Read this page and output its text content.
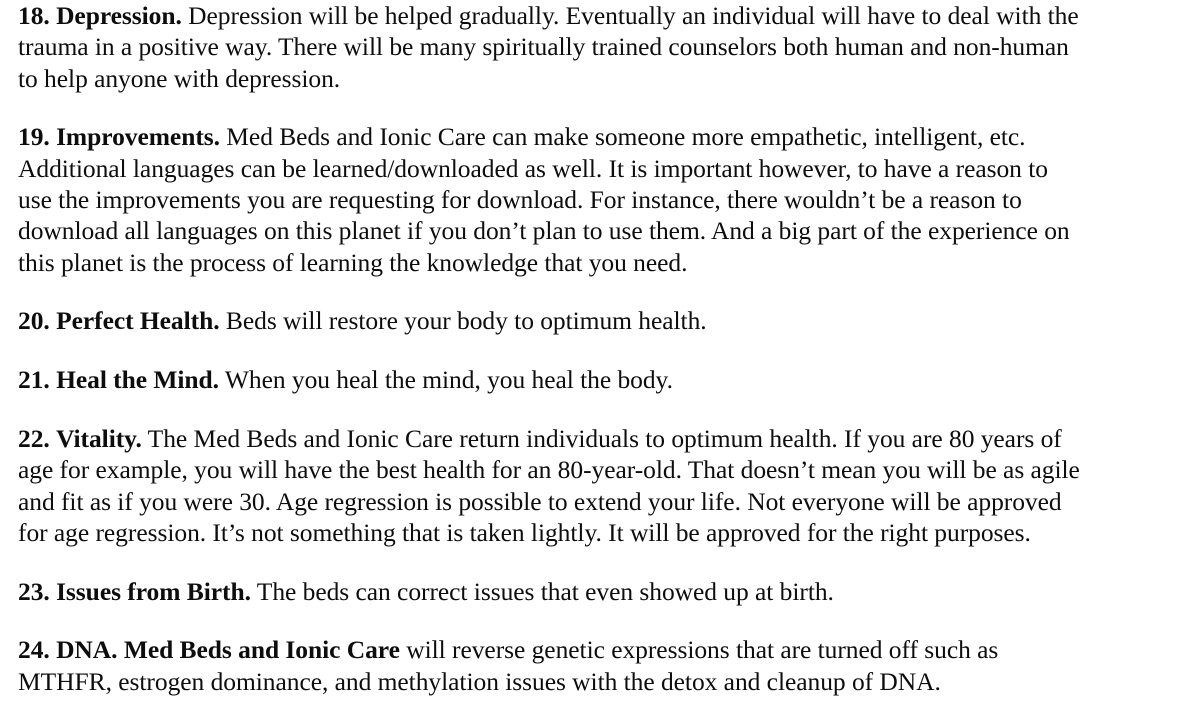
18. Depression. Depression will be helped gradually. Eventually an individual will have to deal with the
trauma in a positive way. There will be many spiritually trained counselors both human and non-human
to help anyone with depression.
19. Improvements. Med Beds and Ionic Care can make someone more empathetic, intelligent, etc.
Additional languages can be learned/downloaded as well. It is important however, to have a reason to
use the improvements you are requesting for download. For instance, there wouldn’t be a reason to
download all languages on this planet if you don’t plan to use them. And a big part of the experience on
this planet is the process of learning the knowledge that you need.
20. Perfect Health. Beds will restore your body to optimum health.
21. Heal the Mind. When you heal the mind, you heal the body.
22. Vitality. The Med Beds and Ionic Care return individuals to optimum health. If you are 80 years of
age for example, you will have the best health for an 80-year-old. That doesn’t mean you will be as agile
and fit as if you were 30. Age regression is possible to extend your life. Not everyone will be approved
for age regression. It’s not something that is taken lightly. It will be approved for the right purposes.
23. Issues from Birth. The beds can correct issues that even showed up at birth.
24. DNA. Med Beds and Ionic Care will reverse genetic expressions that are turned off such as
MTHFR, estrogen dominance, and methylation issues with the detox and cleanup of DNA.
